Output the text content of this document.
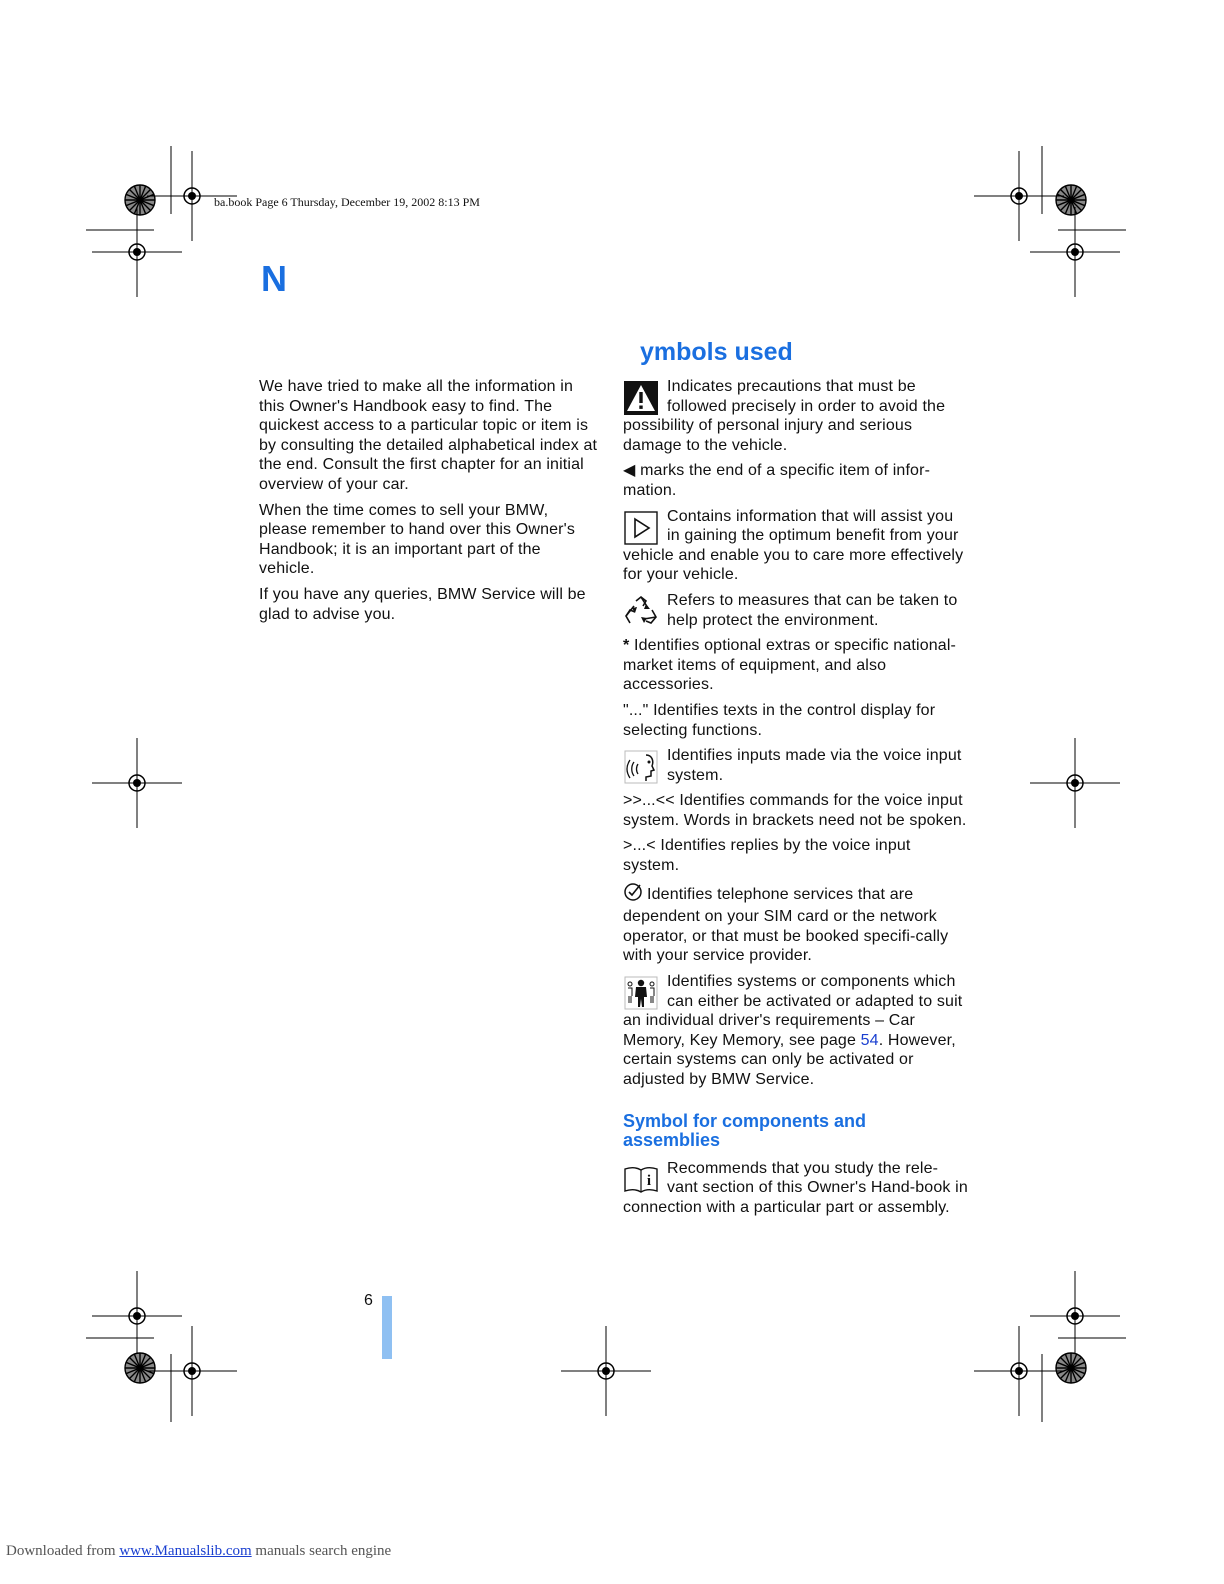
ba.book Page 6 Thursday, December 19, 2002 8:13 PM
N
ymbols used

We have tried to make all the information in this Owner's Handbook easy to find. The quickest access to a particular topic or item is by consulting the detailed alphabetical index at the end. Consult the first chapter for an initial overview of your car.

When the time comes to sell your BMW, please remember to hand over this Owner's Handbook; it is an important part of the vehicle.

If you have any queries, BMW Service will be glad to advise you.

Indicates precautions that must be followed precisely in order to avoid the possibility of personal injury and serious damage to the vehicle.

◀ marks the end of a specific item of infor-mation.

Contains information that will assist you in gaining the optimum benefit from your vehicle and enable you to care more effectively for your vehicle.

Refers to measures that can be taken to help protect the environment.

* Identifies optional extras or specific national-market items of equipment, and also accessories.

"..." Identifies texts in the control display for selecting functions.

Identifies inputs made via the voice input system.

>>...<< Identifies commands for the voice input system. Words in brackets need not be spoken.

>...< Identifies replies by the voice input system.

Identifies telephone services that are dependent on your SIM card or the network operator, or that must be booked specifi-cally with your service provider.

Identifies systems or components which can either be activated or adapted to suit an individual driver's requirements – Car Memory, Key Memory, see page 54. However, certain systems can only be activated or adjusted by BMW Service.

Symbol for components and assemblies

i
Recommends that you study the rele-vant section of this Owner's Hand-book in connection with a particular part or assembly.

6
Downloaded from www.Manualslib.com manuals search engine
